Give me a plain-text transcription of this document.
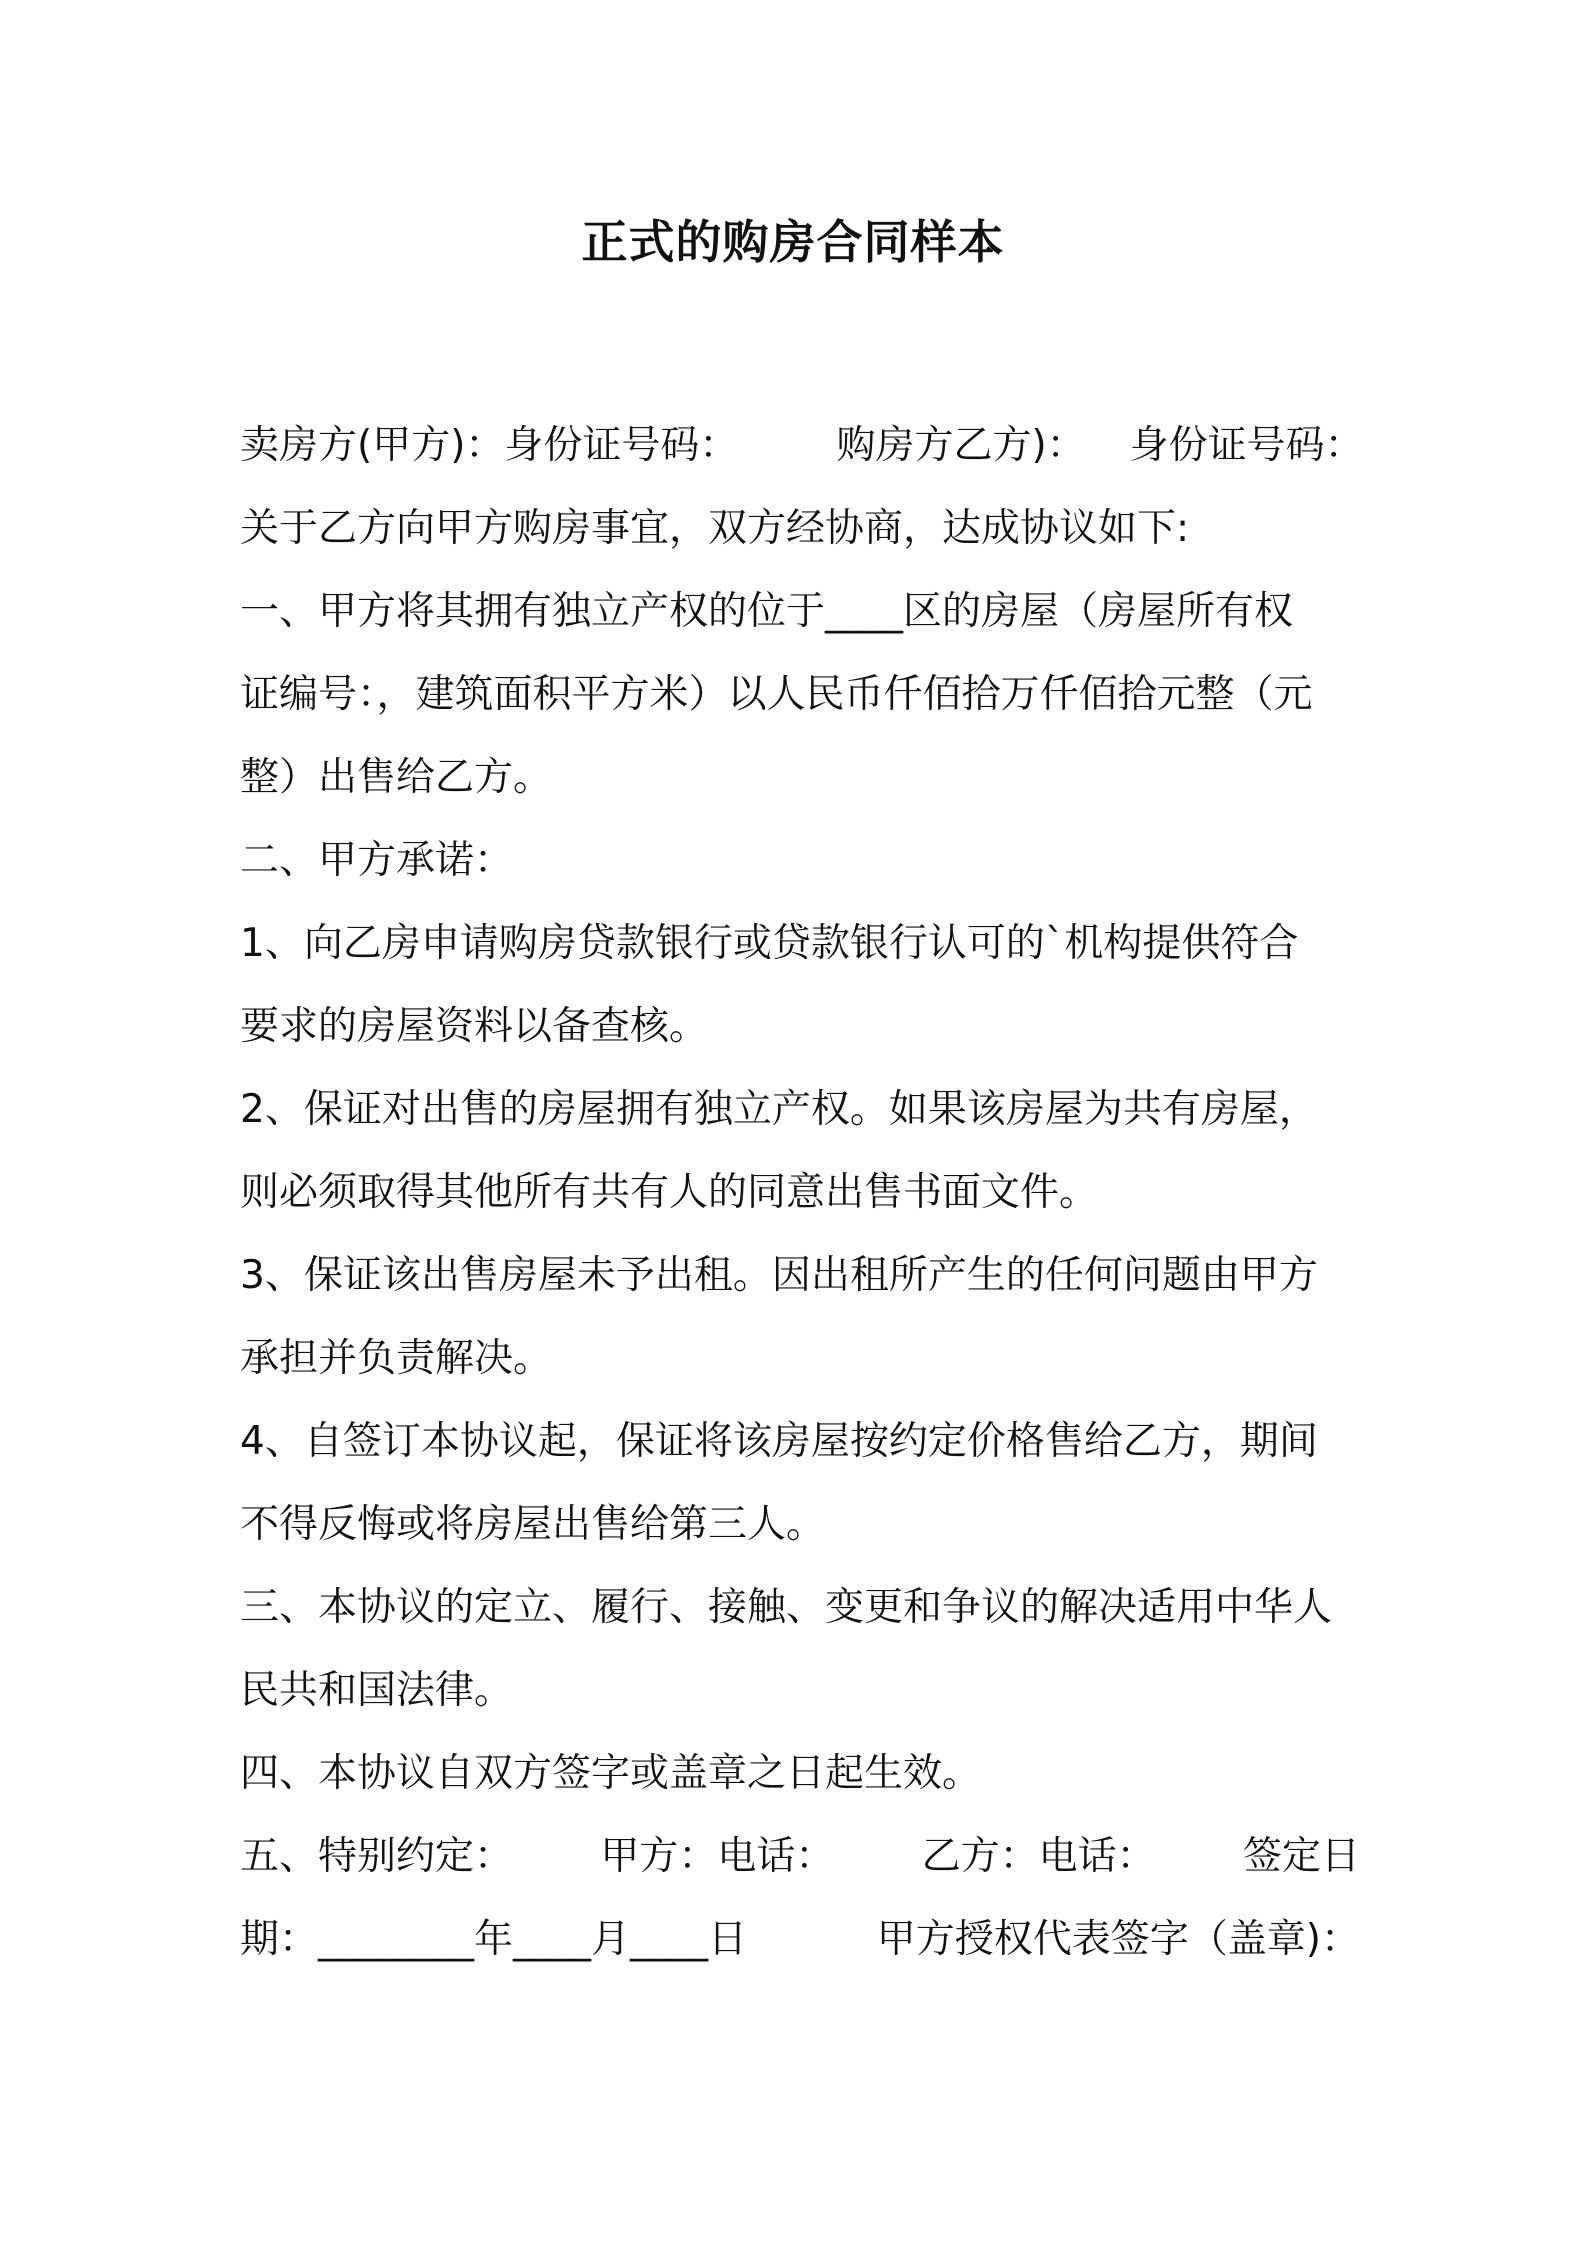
正式的购房合同样本
卖房方(甲方)：身份证号码：	购房方乙方)： 身份证号码：
关于乙方向甲方购房事宜，双方经协商，达成协议如下:
一、甲方将其拥有独立产权的位于____区的房屋（房屋所有权
证编号：，建筑面积平方米）以人民币仟佰拾万仟佰拾元整（元
整）出售给乙方。
二、甲方承诺：
1、向乙房申请购房贷款银行或贷款银行认可的`机构提供符合
要求的房屋资料以备查核。
2、保证对出售的房屋拥有独立产权。如果该房屋为共有房屋，
则必须取得其他所有共有人的同意出售书面文件。
3、保证该出售房屋未予出租。因出租所产生的任何问题由甲方
承担并负责解决。
4、自签订本协议起，保证将该房屋按约定价格售给乙方，期间
不得反悔或将房屋出售给第三人。
三、本协议的定立、履行、接触、变更和争议的解决适用中华人
民共和国法律。
四、本协议自双方签字或盖章之日起生效。
五、特别约定： 甲方：电话： 乙方：电话： 签定日
期：________年____月____日	甲方授权代表签字（盖章)：
